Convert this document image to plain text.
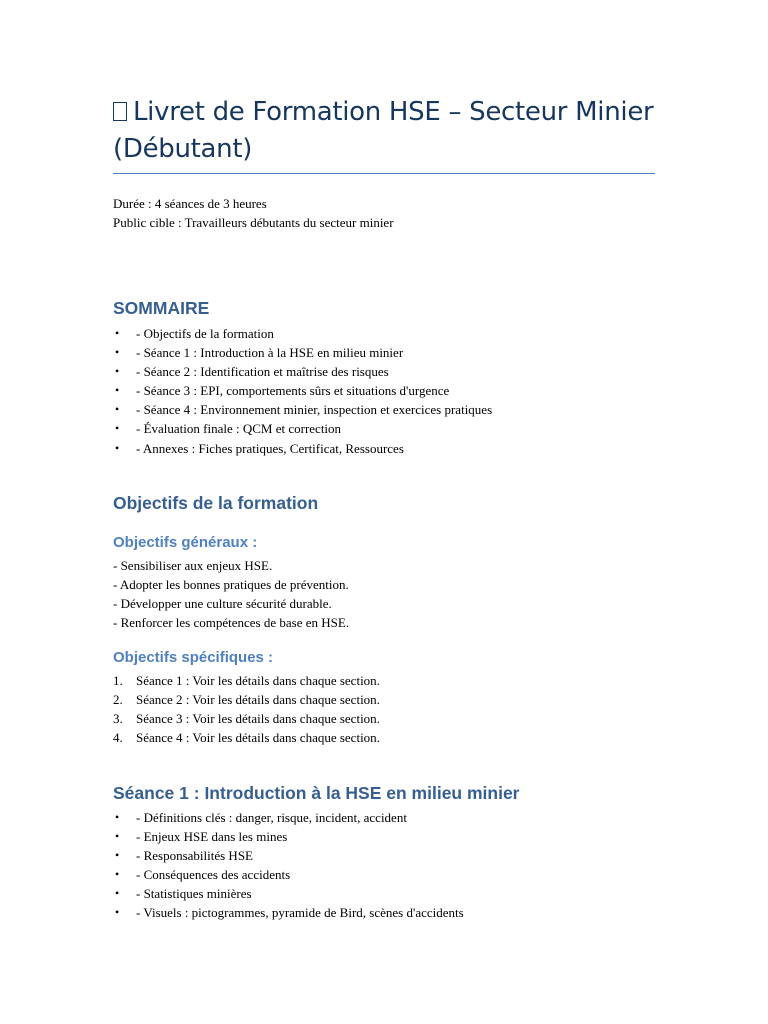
Livret de Formation HSE – Secteur Minier (Débutant)
Durée : 4 séances de 3 heures
Public cible : Travailleurs débutants du secteur minier
SOMMAIRE
• - Objectifs de la formation
• - Séance 1 : Introduction à la HSE en milieu minier
• - Séance 2 : Identification et maîtrise des risques
• - Séance 3 : EPI, comportements sûrs et situations d'urgence
• - Séance 4 : Environnement minier, inspection et exercices pratiques
• - Évaluation finale : QCM et correction
• - Annexes : Fiches pratiques, Certificat, Ressources
Objectifs de la formation
Objectifs généraux :
- Sensibiliser aux enjeux HSE.
- Adopter les bonnes pratiques de prévention.
- Développer une culture sécurité durable.
- Renforcer les compétences de base en HSE.
Objectifs spécifiques :
1. Séance 1 : Voir les détails dans chaque section.
2. Séance 2 : Voir les détails dans chaque section.
3. Séance 3 : Voir les détails dans chaque section.
4. Séance 4 : Voir les détails dans chaque section.
Séance 1 : Introduction à la HSE en milieu minier
• - Définitions clés : danger, risque, incident, accident
• - Enjeux HSE dans les mines
• - Responsabilités HSE
• - Conséquences des accidents
• - Statistiques minières
• - Visuels : pictogrammes, pyramide de Bird, scènes d'accidents
